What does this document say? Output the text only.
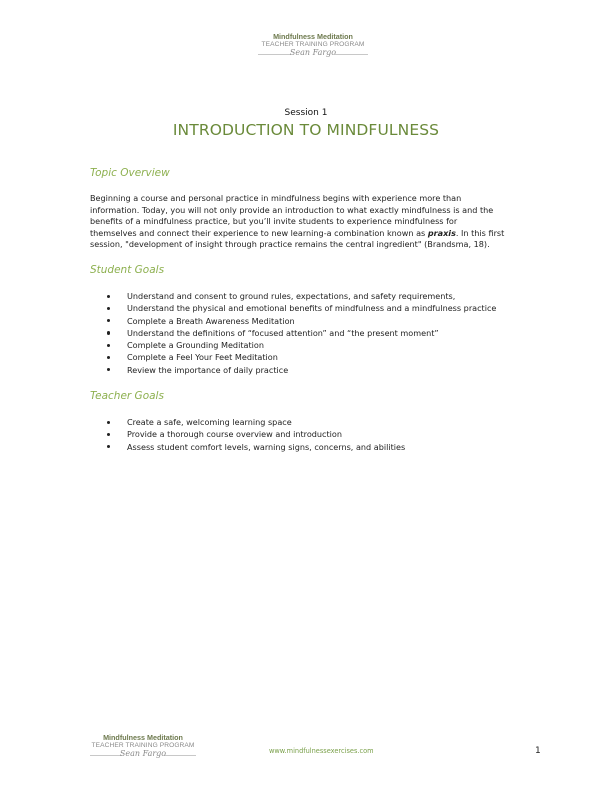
Mindfulness Meditation
TEACHER TRAINING PROGRAM
Sean Fargo
Session 1
INTRODUCTION TO MINDFULNESS
Topic Overview
Beginning a course and personal practice in mindfulness begins with experience more than
information. Today, you will not only provide an introduction to what exactly mindfulness is and the
benefits of a mindfulness practice, but you’ll invite students to experience mindfulness for
themselves and connect their experience to new learning-a combination known as praxis. In this first
session, "development of insight through practice remains the central ingredient" (Brandsma, 18).
Student Goals
Understand and consent to ground rules, expectations, and safety requirements,
Understand the physical and emotional benefits of mindfulness and a mindfulness practice
Complete a Breath Awareness Meditation
Understand the definitions of “focused attention” and “the present moment”
Complete a Grounding Meditation
Complete a Feel Your Feet Meditation
Review the importance of daily practice
Teacher Goals
Create a safe, welcoming learning space
Provide a thorough course overview and introduction
Assess student comfort levels, warning signs, concerns, and abilities
Mindfulness Meditation
TEACHER TRAINING PROGRAM
Sean Fargo	www.mindfulnessexercises.com	1
